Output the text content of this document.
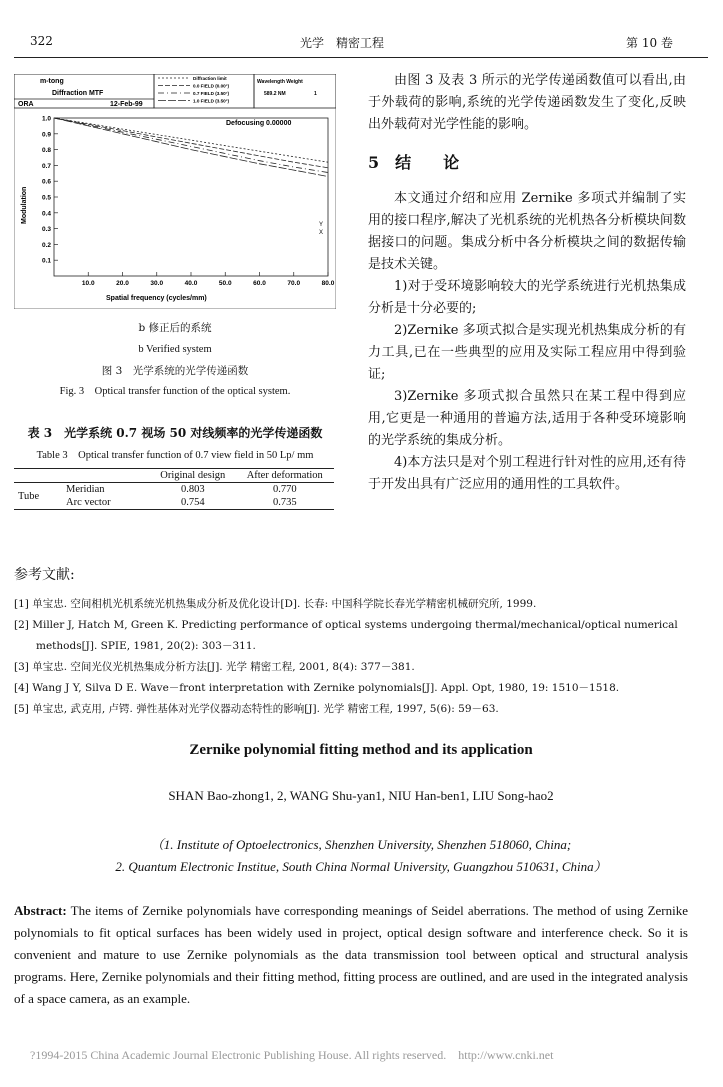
322	光学　精密工程	第 10 卷
m-tong
Diffraction MTF
ORA	12-Feb-99
Diffraction limit
0.0 FIELD (0.00°)
0.7 FIELD (3.50°)
1.0 FIELD (3.50°)
Wavelength Weight
589.2 NM	1
Defocusing 0.00000
Modulation
Spatial frequency (cycles/mm)
1.0
0.9
0.8
0.7
0.6
0.5
0.4
0.3
0.2
0.1
10.0	20.0	30.0	40.0	50.0	60.0	70.0	80.0
Y
X
b 修正后的系统
b Verified system
图 3　光学系统的光学传递函数
Fig. 3　Optical transfer function of the optical system.
表 3　光学系统 0.7 视场 50 对线频率的光学传递函数
Table 3　Optical transfer function of 0.7 view field in 50 Lp/ mm
		Original design	After deformation
Tube	Meridian	0.803	0.770
	Arc vector	0.754	0.735

由图 3 及表 3 所示的光学传递函数值可以看出,由于外载荷的影响,系统的光学传递函数发生了变化,反映出外载荷对光学性能的影响。

5　 结　　论

本文通过介绍和应用 Zernike 多项式并编制了实用的接口程序,解决了光机系统的光机热各分析模块间数据接口的问题。集成分析中各分析模块之间的数据传输是技术关键。

1)对于受环境影响较大的光学系统进行光机热集成分析是十分必要的;

2)Zernike 多项式拟合是实现光机热集成分析的有力工具,已在一些典型的应用及实际工程应用中得到验证;

3)Zernike 多项式拟合虽然只在某工程中得到应用,它更是一种通用的普遍方法,适用于各种受环境影响的光学系统的集成分析。

4)本方法只是对个别工程进行针对性的应用,还有待于开发出具有广泛应用的通用性的工具软件。

参考文献:
[1] 单宝忠. 空间相机光机系统光机热集成分析及优化设计[D]. 长春: 中国科学院长春光学精密机械研究所, 1999.
[2] Miller J, Hatch M, Green K. Predicting performance of optical systems undergoing thermal/mechanical/optical numerical
methods[J]. SPIE, 1981, 20(2): 303－311.
[3] 单宝忠. 空间光仪光机热集成分析方法[J]. 光学 精密工程, 2001, 8(4): 377－381.
[4] Wang J Y, Silva D E. Wave－front interpretation with Zernike polynomials[J]. Appl. Opt, 1980, 19: 1510－1518.
[5] 单宝忠, 武克用, 卢锷. 弹性基体对光学仪器动态特性的影响[J]. 光学 精密工程, 1997, 5(6): 59－63.
Zernike polynomial fitting method and its application
SHAN Bao-zhong1, 2, WANG Shu-yan1, NIU Han-ben1, LIU Song-hao2
（1. Institute of Optoelectronics, Shenzhen University, Shenzhen 518060, China;
2. Quantum Electronic Institue, South China Normal University, Guangzhou 510631, China）
Abstract: The items of Zernike polynomials have corresponding meanings of Seidel aberrations. The method of using Zernike polynomials to fit optical surfaces has been widely used in project, optical design software and interference check. So it is convenient and mature to use Zernike polynomials as the data transmission tool between optical and structural analysis programs. Here, Zernike polynomials and their fitting method, fitting process are outlined, and are used in the integrated analysis of a space camera, as an example.
?1994-2015 China Academic Journal Electronic Publishing House. All rights reserved.　http://www.cnki.net
